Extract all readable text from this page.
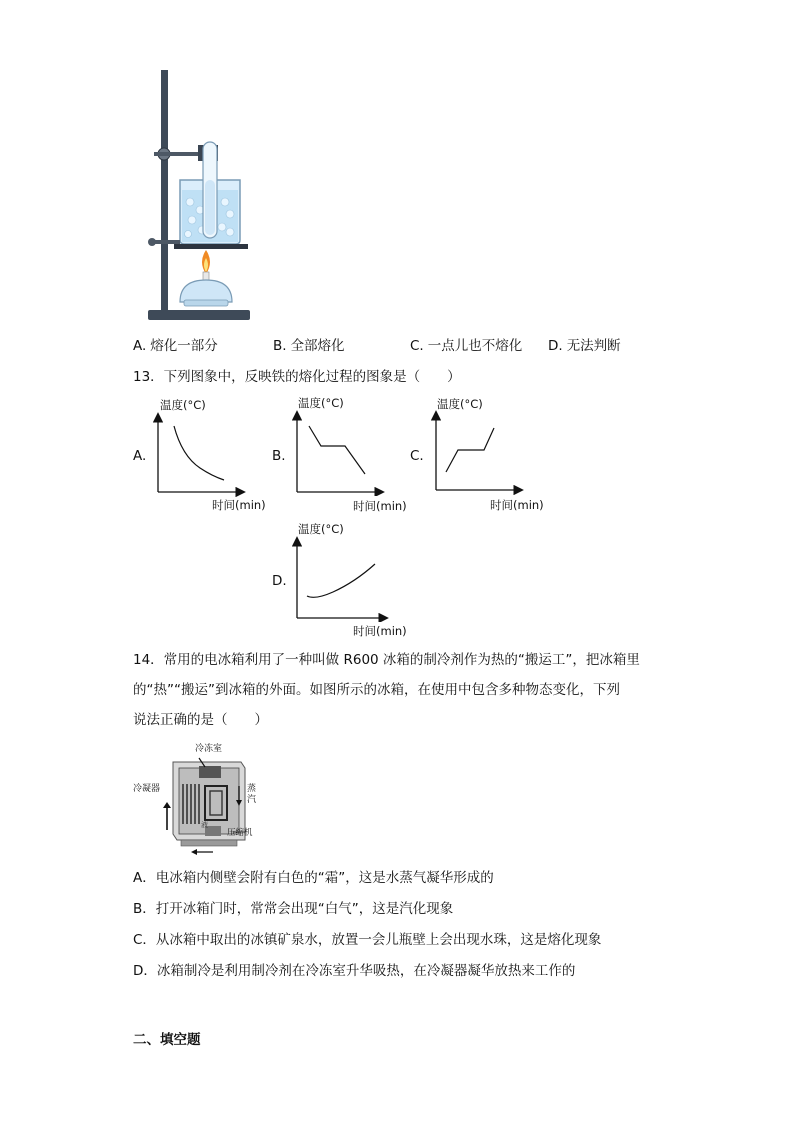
A. 熔化一部分	B. 全部熔化	C. 一点儿也不熔化 D. 无法判断
13．下列图象中，反映铁的熔化过程的图象是（　　）
A.
温度(°C)
时间(min)
B.
温度(°C)
时间(min)
C.
温度(°C)
时间(min)
D.
温度(°C)
时间(min)
14．常用的电冰箱利用了一种叫做 R600 冰箱的制冷剂作为热的“搬运工”，把冰箱里
的“热”“搬运”到冰箱的外面。如图所示的冰箱，在使用中包含多种物态变化，下列
说法正确的是（　　）
冷冻室
冷凝器	蒸
汽
液
压缩机
A．电冰箱内侧壁会附有白色的“霜”，这是水蒸气凝华形成的
B．打开冰箱门时，常常会出现“白气”，这是汽化现象
C．从冰箱中取出的冰镇矿泉水，放置一会儿瓶壁上会出现水珠，这是熔化现象
D．冰箱制冷是利用制冷剂在冷冻室升华吸热，在冷凝器凝华放热来工作的
二、填空题
